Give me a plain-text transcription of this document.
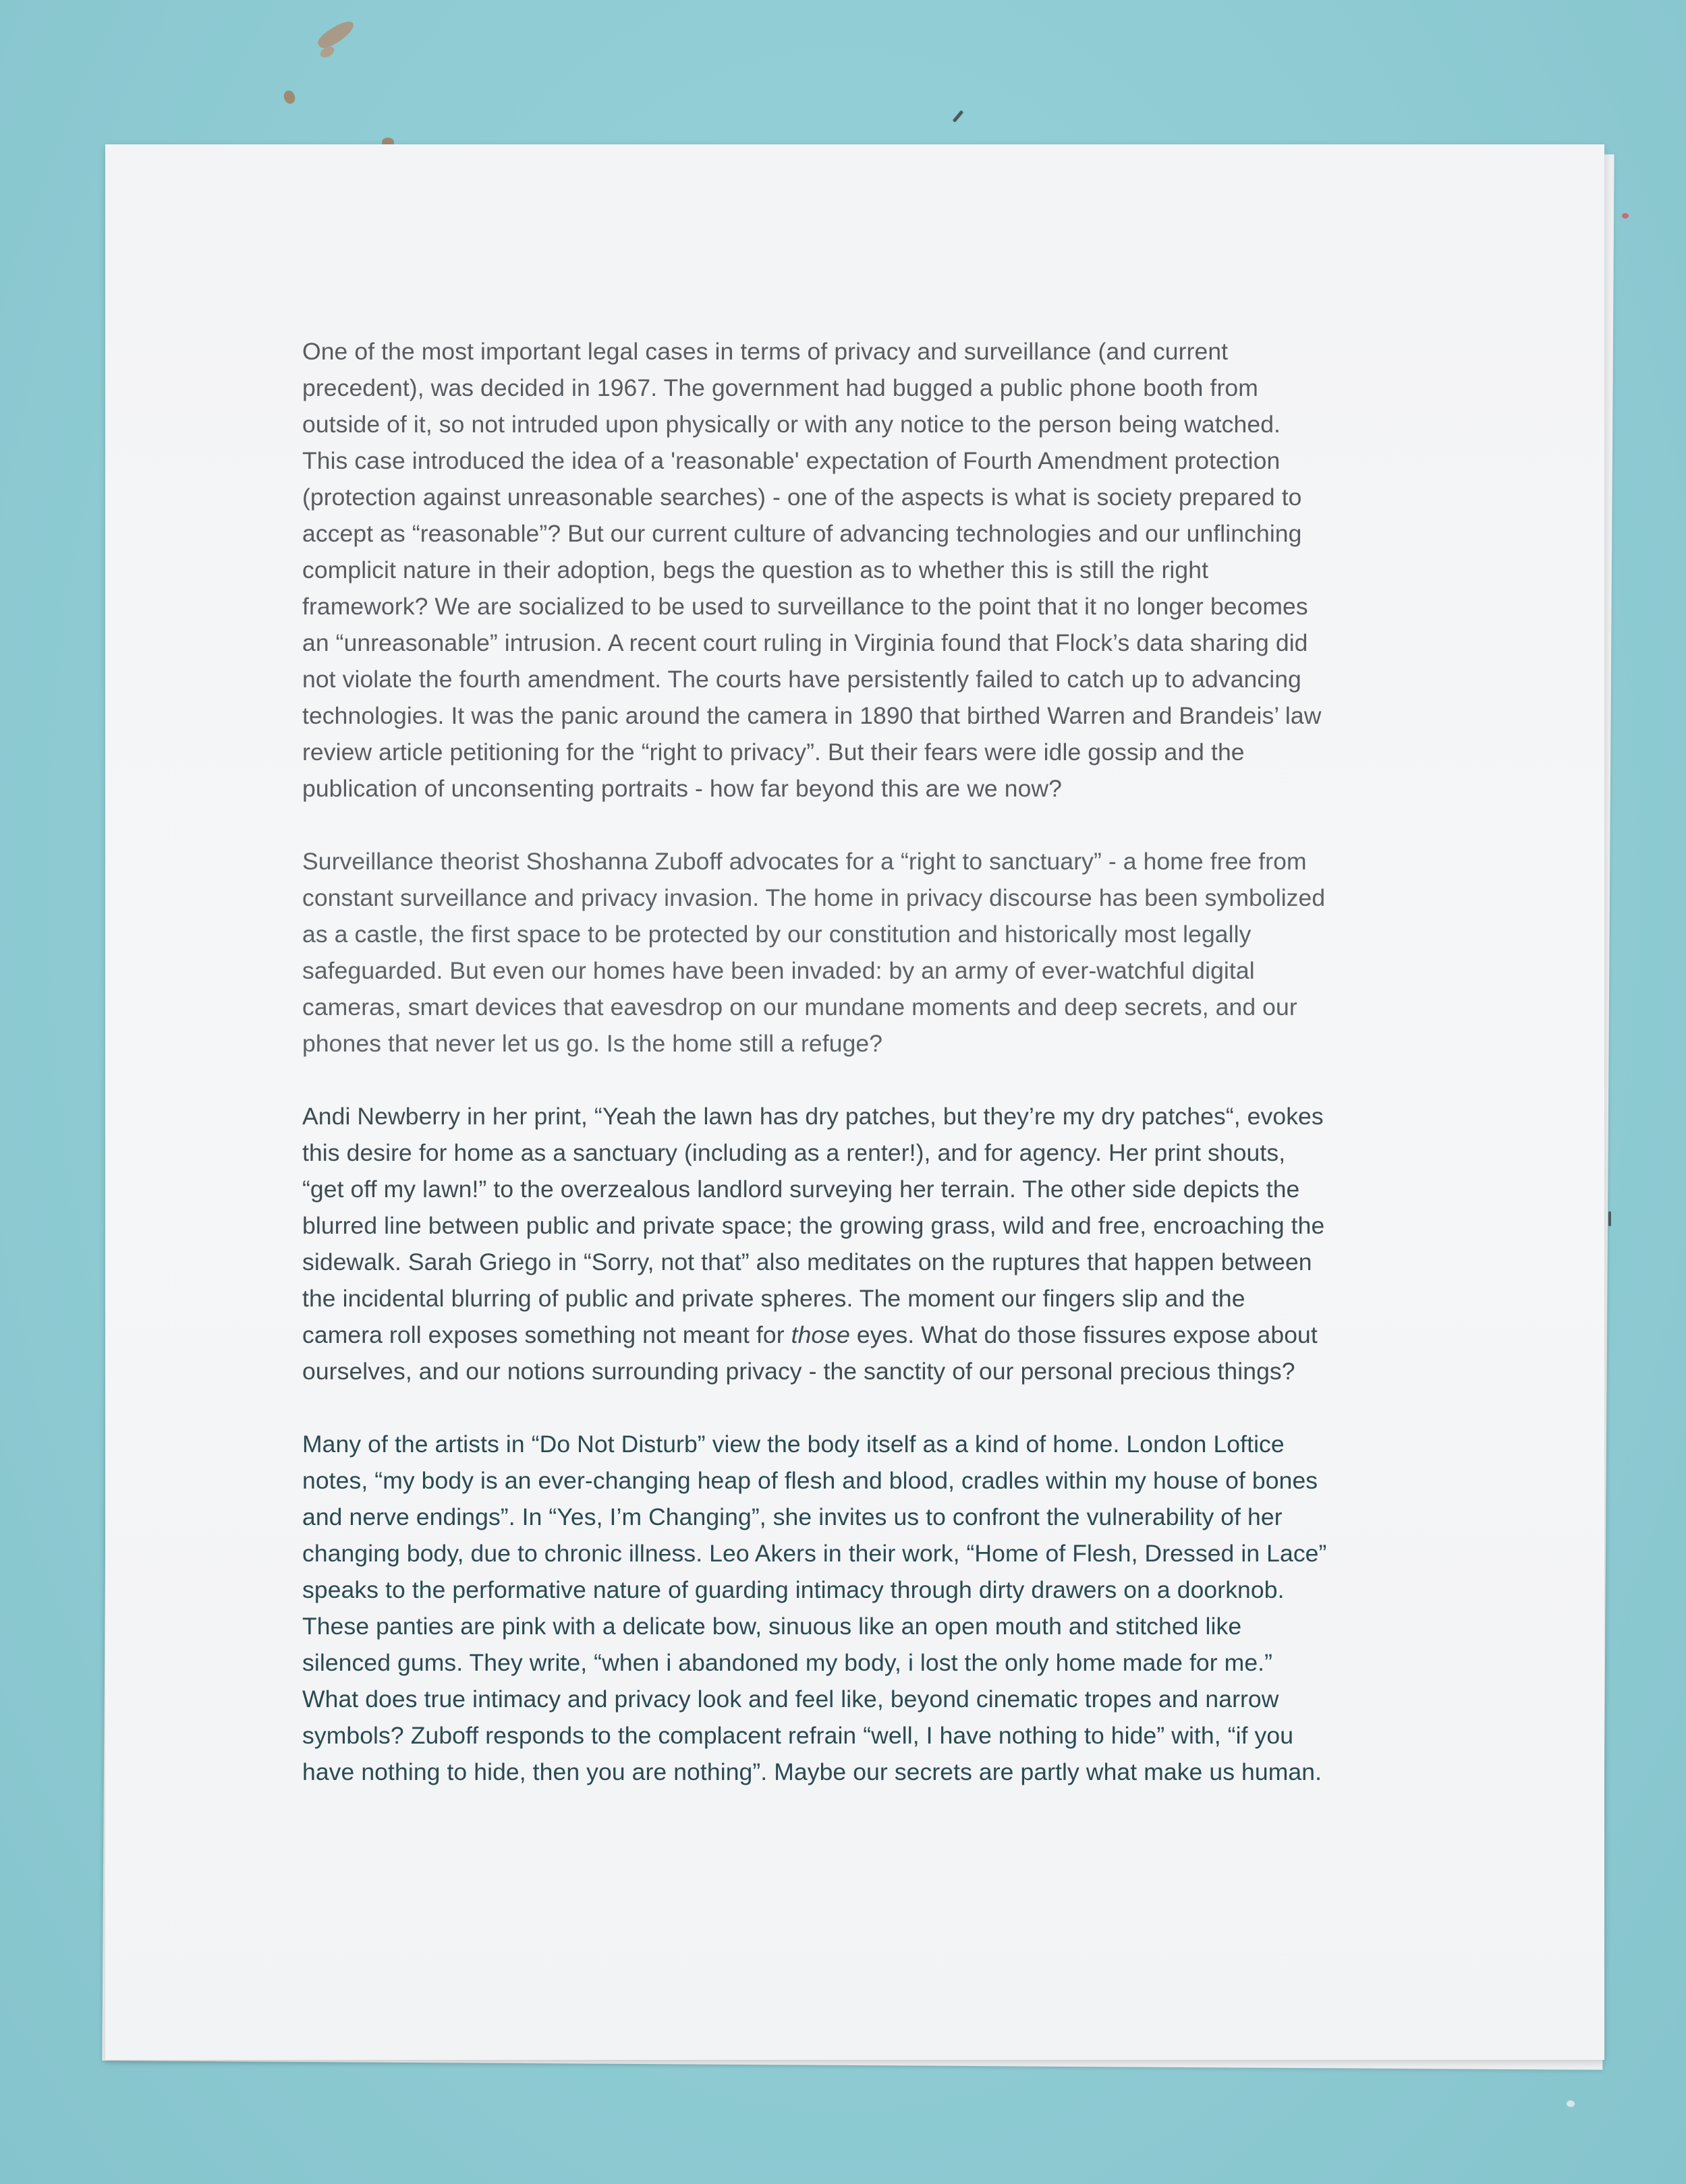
One of the most important legal cases in terms of privacy and surveillance (and current
precedent), was decided in 1967. The government had bugged a public phone booth from
outside of it, so not intruded upon physically or with any notice to the person being watched.
This case introduced the idea of a 'reasonable' expectation of Fourth Amendment protection
(protection against unreasonable searches) - one of the aspects is what is society prepared to
accept as “reasonable”? But our current culture of advancing technologies and our unflinching
complicit nature in their adoption, begs the question as to whether this is still the right
framework? We are socialized to be used to surveillance to the point that it no longer becomes
an “unreasonable” intrusion. A recent court ruling in Virginia found that Flock’s data sharing did
not violate the fourth amendment. The courts have persistently failed to catch up to advancing
technologies. It was the panic around the camera in 1890 that birthed Warren and Brandeis’ law
review article petitioning for the “right to privacy”. But their fears were idle gossip and the
publication of unconsenting portraits - how far beyond this are we now?

Surveillance theorist Shoshanna Zuboff advocates for a “right to sanctuary” - a home free from
constant surveillance and privacy invasion. The home in privacy discourse has been symbolized
as a castle, the first space to be protected by our constitution and historically most legally
safeguarded. But even our homes have been invaded: by an army of ever-watchful digital
cameras, smart devices that eavesdrop on our mundane moments and deep secrets, and our
phones that never let us go. Is the home still a refuge?

Andi Newberry in her print, “Yeah the lawn has dry patches, but they’re my dry patches“, evokes
this desire for home as a sanctuary (including as a renter!), and for agency. Her print shouts,
“get off my lawn!” to the overzealous landlord surveying her terrain. The other side depicts the
blurred line between public and private space; the growing grass, wild and free, encroaching the
sidewalk. Sarah Griego in “Sorry, not that” also meditates on the ruptures that happen between
the incidental blurring of public and private spheres. The moment our fingers slip and the
camera roll exposes something not meant for those eyes. What do those fissures expose about
ourselves, and our notions surrounding privacy - the sanctity of our personal precious things?

Many of the artists in “Do Not Disturb” view the body itself as a kind of home. London Loftice
notes, “my body is an ever-changing heap of flesh and blood, cradles within my house of bones
and nerve endings”. In “Yes, I’m Changing”, she invites us to confront the vulnerability of her
changing body, due to chronic illness. Leo Akers in their work, “Home of Flesh, Dressed in Lace”
speaks to the performative nature of guarding intimacy through dirty drawers on a doorknob.
These panties are pink with a delicate bow, sinuous like an open mouth and stitched like
silenced gums. They write, “when i abandoned my body, i lost the only home made for me.”
What does true intimacy and privacy look and feel like, beyond cinematic tropes and narrow
symbols? Zuboff responds to the complacent refrain “well, I have nothing to hide” with, “if you
have nothing to hide, then you are nothing”. Maybe our secrets are partly what make us human.
